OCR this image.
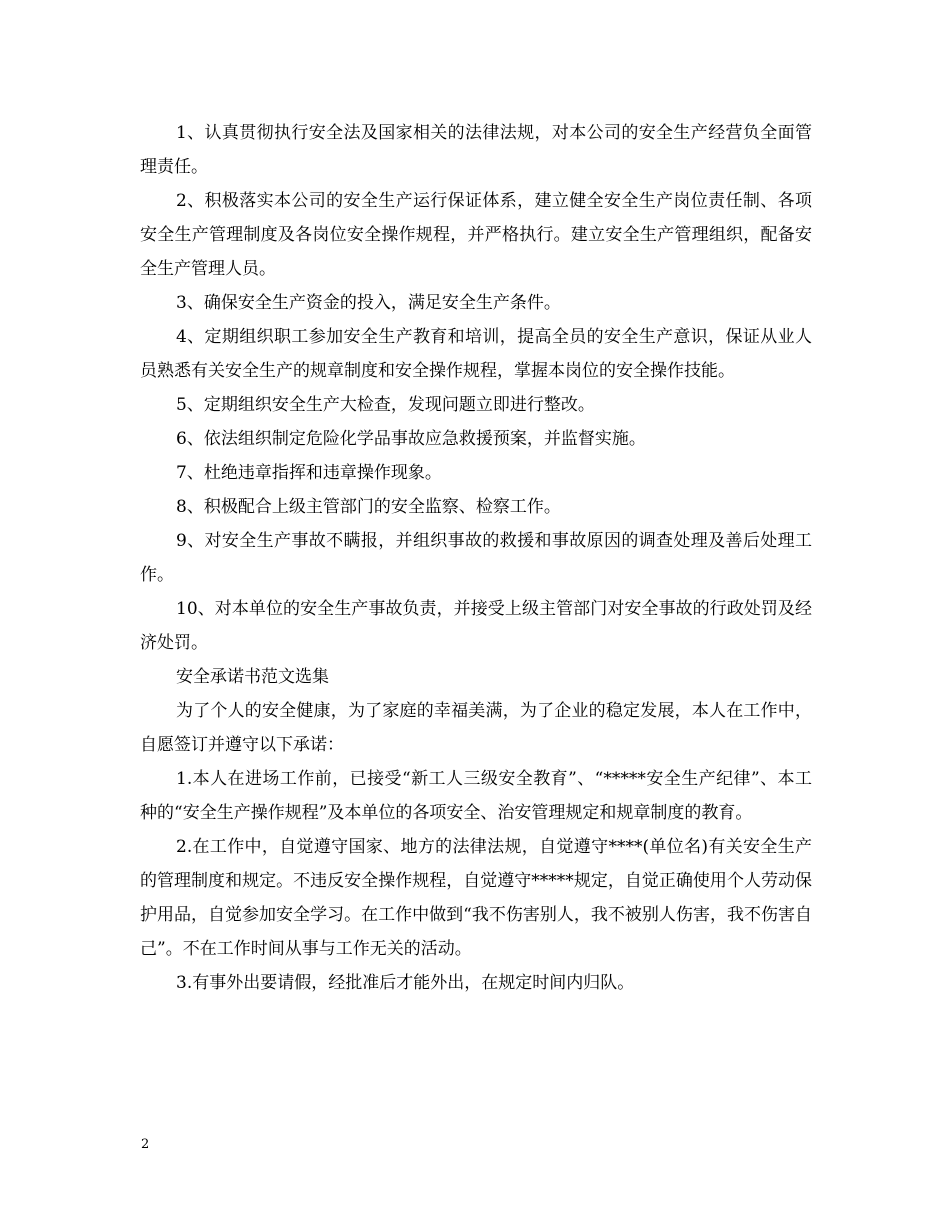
1、认真贯彻执行安全法及国家相关的法律法规，对本公司的安全生产经营负全面管理责任。

2、积极落实本公司的安全生产运行保证体系，建立健全安全生产岗位责任制、各项安全生产管理制度及各岗位安全操作规程，并严格执行。建立安全生产管理组织，配备安全生产管理人员。

3、确保安全生产资金的投入，满足安全生产条件。

4、定期组织职工参加安全生产教育和培训，提高全员的安全生产意识，保证从业人员熟悉有关安全生产的规章制度和安全操作规程，掌握本岗位的安全操作技能。

5、定期组织安全生产大检查，发现问题立即进行整改。

6、依法组织制定危险化学品事故应急救援预案，并监督实施。

7、杜绝违章指挥和违章操作现象。

8、积极配合上级主管部门的安全监察、检察工作。

9、对安全生产事故不瞒报，并组织事故的救援和事故原因的调查处理及善后处理工作。

10、对本单位的安全生产事故负责，并接受上级主管部门对安全事故的行政处罚及经济处罚。

安全承诺书范文选集

为了个人的安全健康，为了家庭的幸福美满，为了企业的稳定发展，本人在工作中，自愿签订并遵守以下承诺：

1.本人在进场工作前，已接受“新工人三级安全教育”、“*****安全生产纪律”、本工种的“安全生产操作规程”及本单位的各项安全、治安管理规定和规章制度的教育。

2.在工作中，自觉遵守国家、地方的法律法规，自觉遵守****(单位名)有关安全生产的管理制度和规定。不违反安全操作规程，自觉遵守*****规定，自觉正确使用个人劳动保护用品，自觉参加安全学习。在工作中做到“我不伤害别人，我不被别人伤害，我不伤害自己”。不在工作时间从事与工作无关的活动。

3.有事外出要请假，经批准后才能外出，在规定时间内归队。

2
